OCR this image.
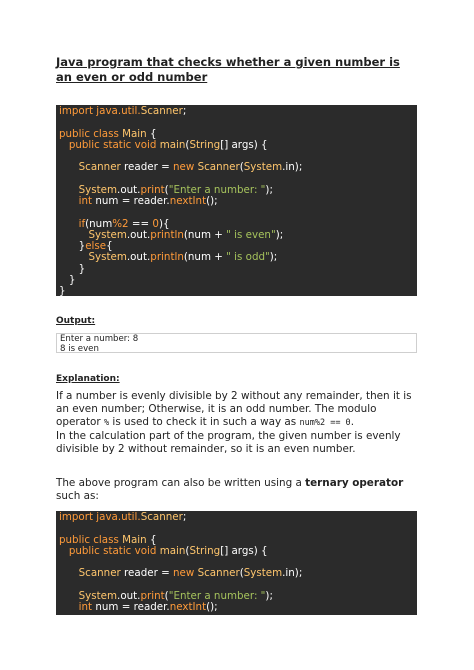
Java program that checks whether a given number is an even or odd number
import java.util.Scanner;
public class Main {
public static void main(String[] args) {
Scanner reader = new Scanner(System.in);
System.out.print("Enter a number: ");
int num = reader.nextInt();
if(num%2 == 0){
System.out.println(num + " is even");
}else{
System.out.println(num + " is odd");
}
}
}
Output:
Enter a number: 8
8 is even
Explanation:
If a number is evenly divisible by 2 without any remainder, then it is an even number; Otherwise, it is an odd number. The modulo operator % is used to check it in such a way as num%2 == 0.
In the calculation part of the program, the given number is evenly divisible by 2 without remainder, so it is an even number.
The above program can also be written using a ternary operator such as:
import java.util.Scanner;
public class Main {
public static void main(String[] args) {
Scanner reader = new Scanner(System.in);
System.out.print("Enter a number: ");
int num = reader.nextInt();
